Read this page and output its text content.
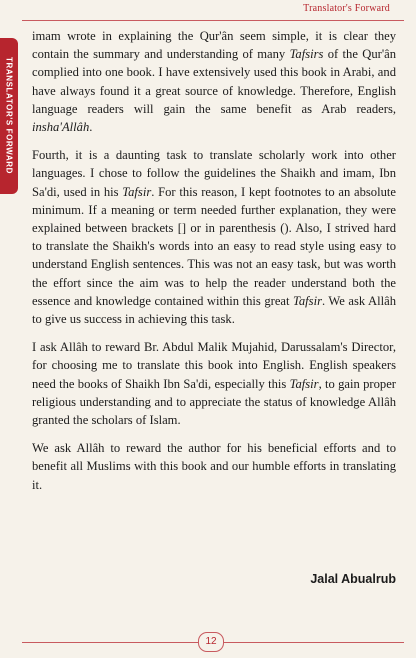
Translator's Forward
TRANSLATOR'S FORWARD

imam wrote in explaining the Qur'ân seem simple, it is clear they contain the summary and understanding of many Tafsirs of the Qur'ân complied into one book. I have extensively used this book in Arabi, and have always found it a great source of knowledge. Therefore, English language readers will gain the same benefit as Arab readers, insha'Allâh.

Fourth, it is a daunting task to translate scholarly work into other languages. I chose to follow the guidelines the Shaikh and imam, Ibn Sa'di, used in his Tafsir. For this reason, I kept footnotes to an absolute minimum. If a meaning or term needed further explanation, they were explained between brackets [] or in parenthesis (). Also, I strived hard to translate the Shaikh's words into an easy to read style using easy to understand English sentences. This was not an easy task, but was worth the effort since the aim was to help the reader understand both the essence and knowledge contained within this great Tafsir. We ask Allâh to give us success in achieving this task.

I ask Allâh to reward Br. Abdul Malik Mujahid, Darussalam's Director, for choosing me to translate this book into English. English speakers need the books of Shaikh Ibn Sa'di, especially this Tafsir, to gain proper religious understanding and to appreciate the status of knowledge Allâh granted the scholars of Islam.

We ask Allâh to reward the author for his beneficial efforts and to benefit all Muslims with this book and our humble efforts in translating it.

Jalal Abualrub
12
